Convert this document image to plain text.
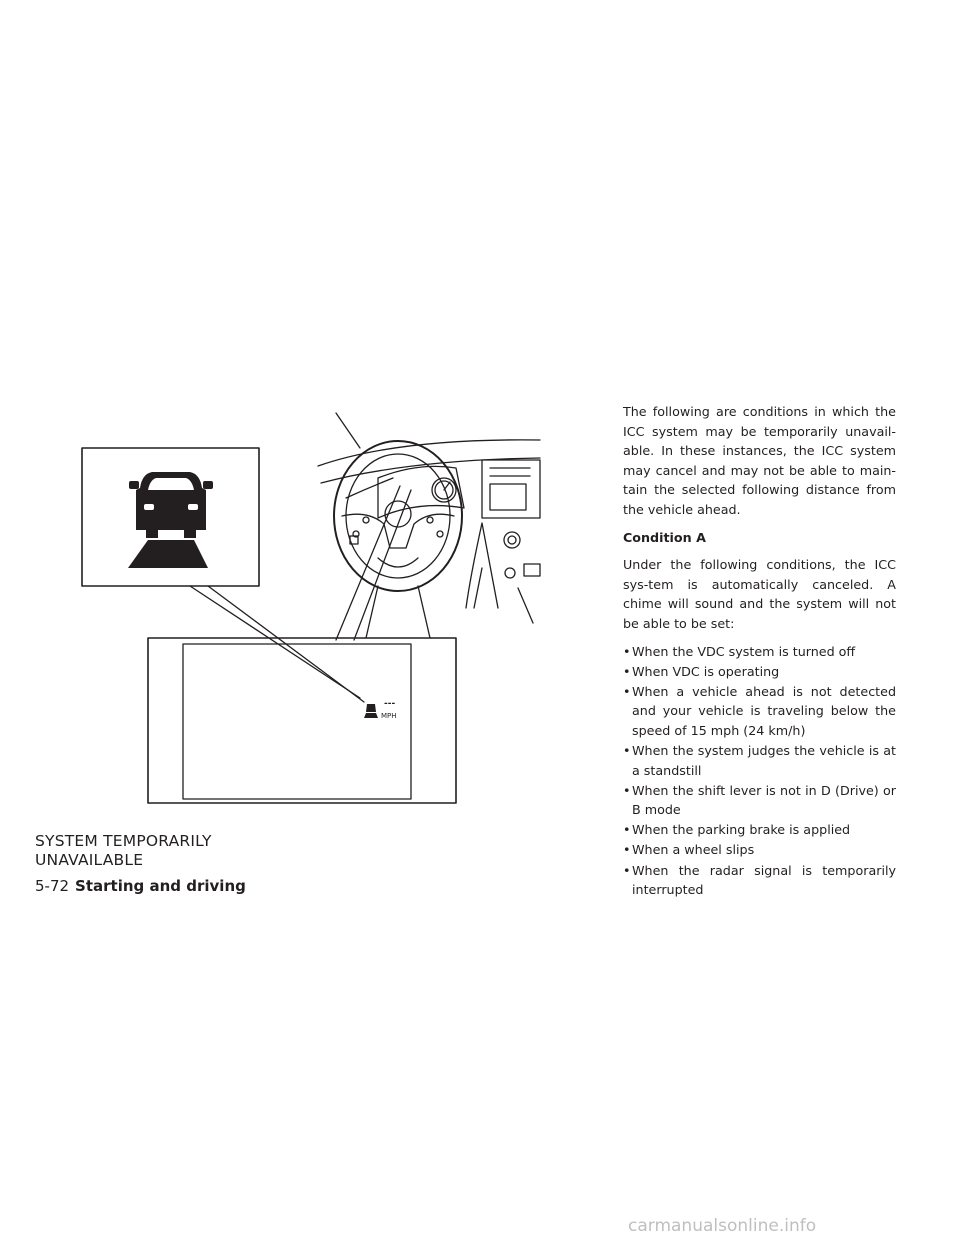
---
MPH
SYSTEM TEMPORARILY
UNAVAILABLE
5-72 Starting and driving

The following are conditions in which the ICC system may be temporarily unavail-able. In these instances, the ICC system may cancel and may not be able to main-tain the selected following distance from the vehicle ahead.

Condition A

Under the following conditions, the ICC sys-tem is automatically canceled. A chime will sound and the system will not be able to be set:

• When the VDC system is turned off
• When VDC is operating
• When a vehicle ahead is not detected and your vehicle is traveling below the speed of 15 mph (24 km/h)
• When the system judges the vehicle is at a standstill
• When the shift lever is not in D (Drive) or B mode
• When the parking brake is applied
• When a wheel slips
• When the radar signal is temporarily interrupted
carmanualsonline.info
